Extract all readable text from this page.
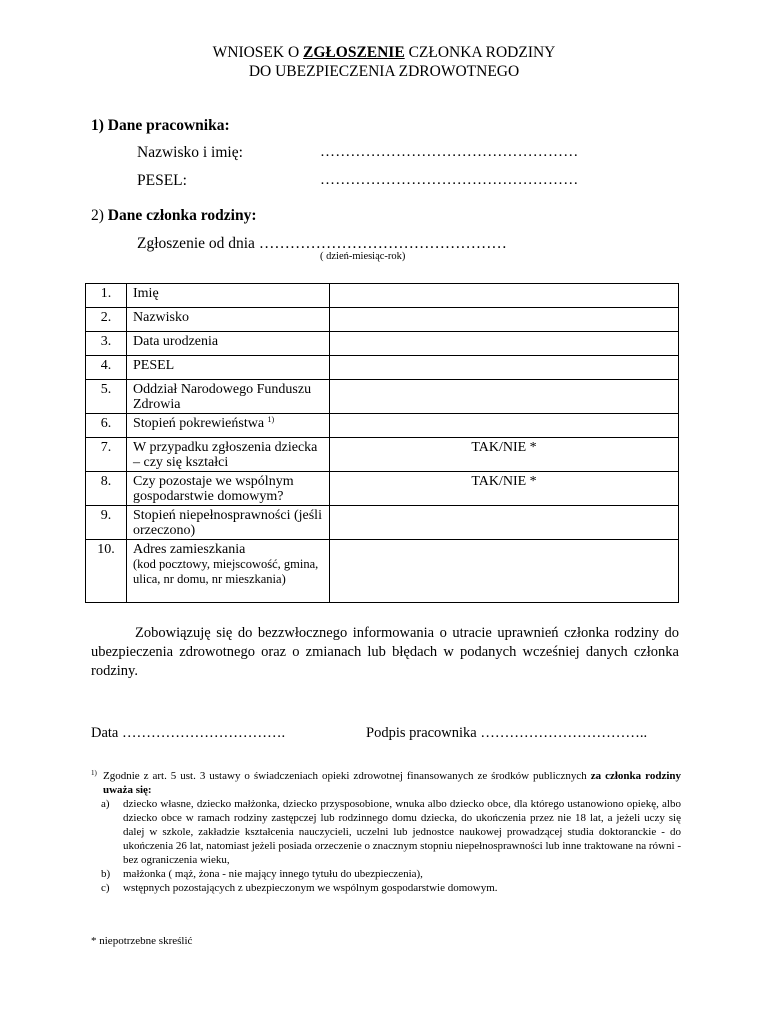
WNIOSEK O ZGŁOSZENIE CZŁONKA RODZINY
DO UBEZPIECZENIA ZDROWOTNEGO
1) Dane pracownika:
Nazwisko i imię:	……………………………………………
PESEL:	……………………………………………
2) Dane członka rodziny:
Zgłoszenie od dnia …………………………………………
( dzień-miesiąc-rok)
1.	Imię	
2.	Nazwisko	
3.	Data urodzenia	
4.	PESEL	
5.	Oddział Narodowego Funduszu Zdrowia	
6.	Stopień pokrewieństwa $^{1)}$	
7.	W przypadku zgłoszenia dziecka – czy się kształci	TAK/NIE *
8.	Czy pozostaje we wspólnym gospodarstwie domowym?	TAK/NIE *
9.	Stopień niepełnosprawności (jeśli orzeczono)	
10.	Adres zamieszkania
(kod pocztowy, miejscowość, gmina, ulica, nr domu, nr mieszkania)	

Zobowiązuję się do bezzwłocznego informowania o utracie uprawnień członka rodziny do ubezpieczenia zdrowotnego oraz o zmianach lub błędach w podanych wcześniej danych członka rodziny.
Data …………………………….	Podpis pracownika ……………………………..
1) Zgodnie z art. 5 ust. 3 ustawy o świadczeniach opieki zdrowotnej finansowanych ze środków publicznych za członka rodziny uważa się:
a) dziecko własne, dziecko małżonka, dziecko przysposobione, wnuka albo dziecko obce, dla którego ustanowiono opiekę, albo dziecko obce w ramach rodziny zastępczej lub rodzinnego domu dziecka, do ukończenia przez nie 18 lat, a jeżeli uczy się dalej w szkole, zakładzie kształcenia nauczycieli, uczelni lub jednostce naukowej prowadzącej studia doktoranckie - do ukończenia 26 lat, natomiast jeżeli posiada orzeczenie o znacznym stopniu niepełnosprawności lub inne traktowane na równi - bez ograniczenia wieku,
b) małżonka ( mąż, żona - nie mający innego tytułu do ubezpieczenia),
c) wstępnych pozostających z ubezpieczonym we wspólnym gospodarstwie domowym.
* niepotrzebne skreślić
